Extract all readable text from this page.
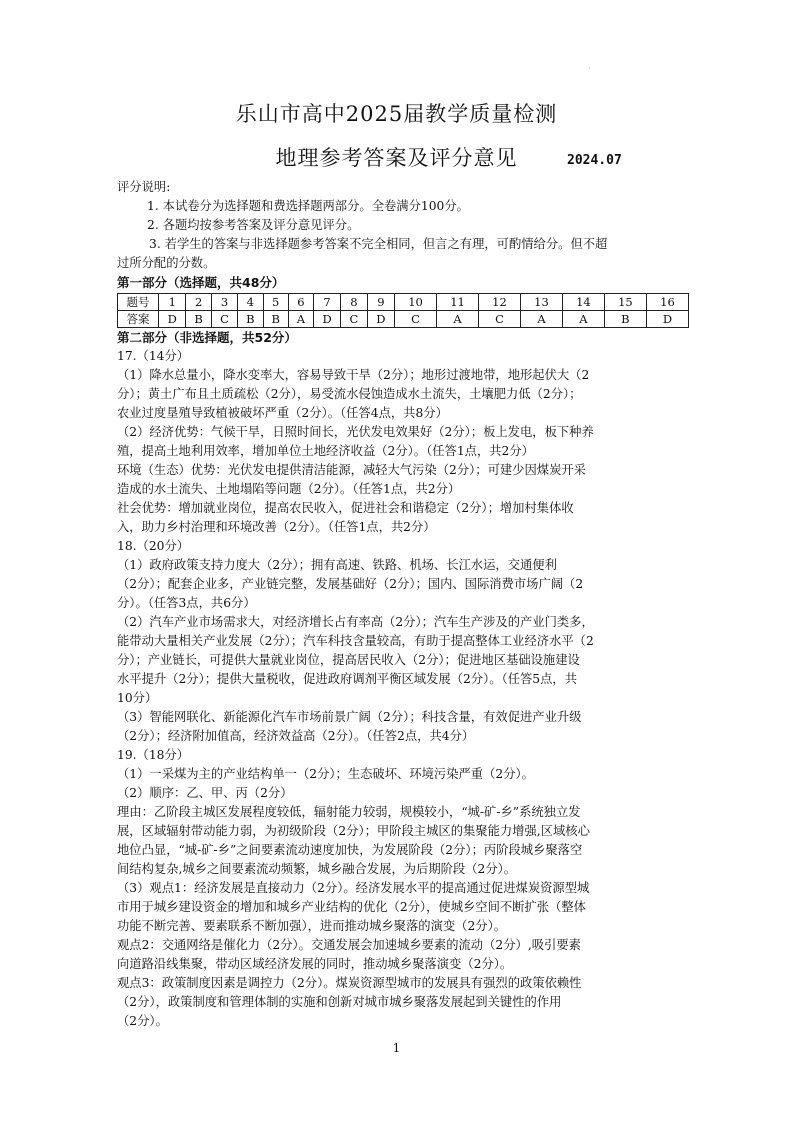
·
乐山市高中2025届教学质量检测
地理参考答案及评分意见	2024.07

评分说明:

1. 本试卷分为选择题和费选择题两部分。全卷满分100分。

2. 各题均按参考答案及评分意见评分。

3. 若学生的答案与非选择题参考答案不完全相同，但言之有理，可酌情给分。但不超

过所分配的分数。

第一部分（选择题，共48分）

题号	1	2	3	4	5	6	7	8	9	10	11	12	13	14	15	16
答案	D	B	C	B	B	A	D	C	D	C	A	C	A	A	B	D

第二部分（非选择题，共52分）

17.（14分）

（1）降水总量小，降水变率大，容易导致干旱（2分）；地形过渡地带，地形起伏大（2

分）；黄土广布且土质疏松（2分），易受流水侵蚀造成水土流失，土壤肥力低（2分）；

农业过度垦殖导致植被破坏严重（2分）。（任答4点，共8分）

（2）经济优势：气候干旱，日照时间长，光伏发电效果好（2分）；板上发电，板下种养

殖，提高土地利用效率，增加单位土地经济收益（2分）。（任答1点，共2分）

环境（生态）优势：光伏发电提供清洁能源，减轻大气污染（2分）；可建少因煤炭开采

造成的水土流失、土地塌陷等问题（2分）。（任答1点，共2分）

社会优势：增加就业岗位，提高农民收入，促进社会和谐稳定（2分）；增加村集体收

入，助力乡村治理和环境改善（2分）。（任答1点，共2分）

18.（20分）

（1）政府政策支持力度大（2分）；拥有高速、铁路、机场、长江水运，交通便利

（2分）；配套企业多，产业链完整，发展基础好（2分）；国内、国际消费市场广阔（2

分）。（任答3点，共6分）

（2）汽车产业市场需求大，对经济增长占有率高（2分）；汽车生产涉及的产业门类多，

能带动大量相关产业发展（2分）；汽车科技含量较高，有助于提高整体工业经济水平（2

分）；产业链长，可提供大量就业岗位，提高居民收入（2分）；促进地区基础设施建设

水平提升（2分）；提供大量税收，促进政府调剂平衡区域发展（2分）。（任答5点，共

10分）

（3）智能网联化、新能源化汽车市场前景广阔（2分）；科技含量，有效促进产业升级

（2分）；经济附加值高，经济效益高（2分）。（任答2点，共4分）

19.（18分）

（1）一采煤为主的产业结构单一（2分）；生态破坏、环境污染严重（2分）。

（2）顺序：乙、甲、丙（2分）

理由：乙阶段主城区发展程度较低，辐射能力较弱，规模较小，“城-矿-乡”系统独立发

展，区域辐射带动能力弱，为初级阶段（2分）；甲阶段主城区的集聚能力增强,区域核心

地位凸显，“城-矿-乡”之间要素流动速度加快，为发展阶段（2分）；丙阶段城乡聚落空

间结构复杂,城乡之间要素流动频繁，城乡融合发展，为后期阶段（2分）。

（3）观点1：经济发展是直接动力（2分）。经济发展水平的提高通过促进煤炭资源型城

市用于城乡建设资金的增加和城乡产业结构的优化（2分），使城乡空间不断扩张（整体

功能不断完善、要素联系不断加强），进而推动城乡聚落的演变（2分）。

观点2：交通网络是催化力（2分）。交通发展会加速城乡要素的流动（2分）,吸引要素

向道路沿线集聚，带动区域经济发展的同时，推动城乡聚落演变（2分）。

观点3：政策制度因素是调控力（2分）。煤炭资源型城市的发展具有强烈的政策依赖性

（2分），政策制度和管理体制的实施和创新对城市城乡聚落发展起到关键性的作用

（2分）。

1
